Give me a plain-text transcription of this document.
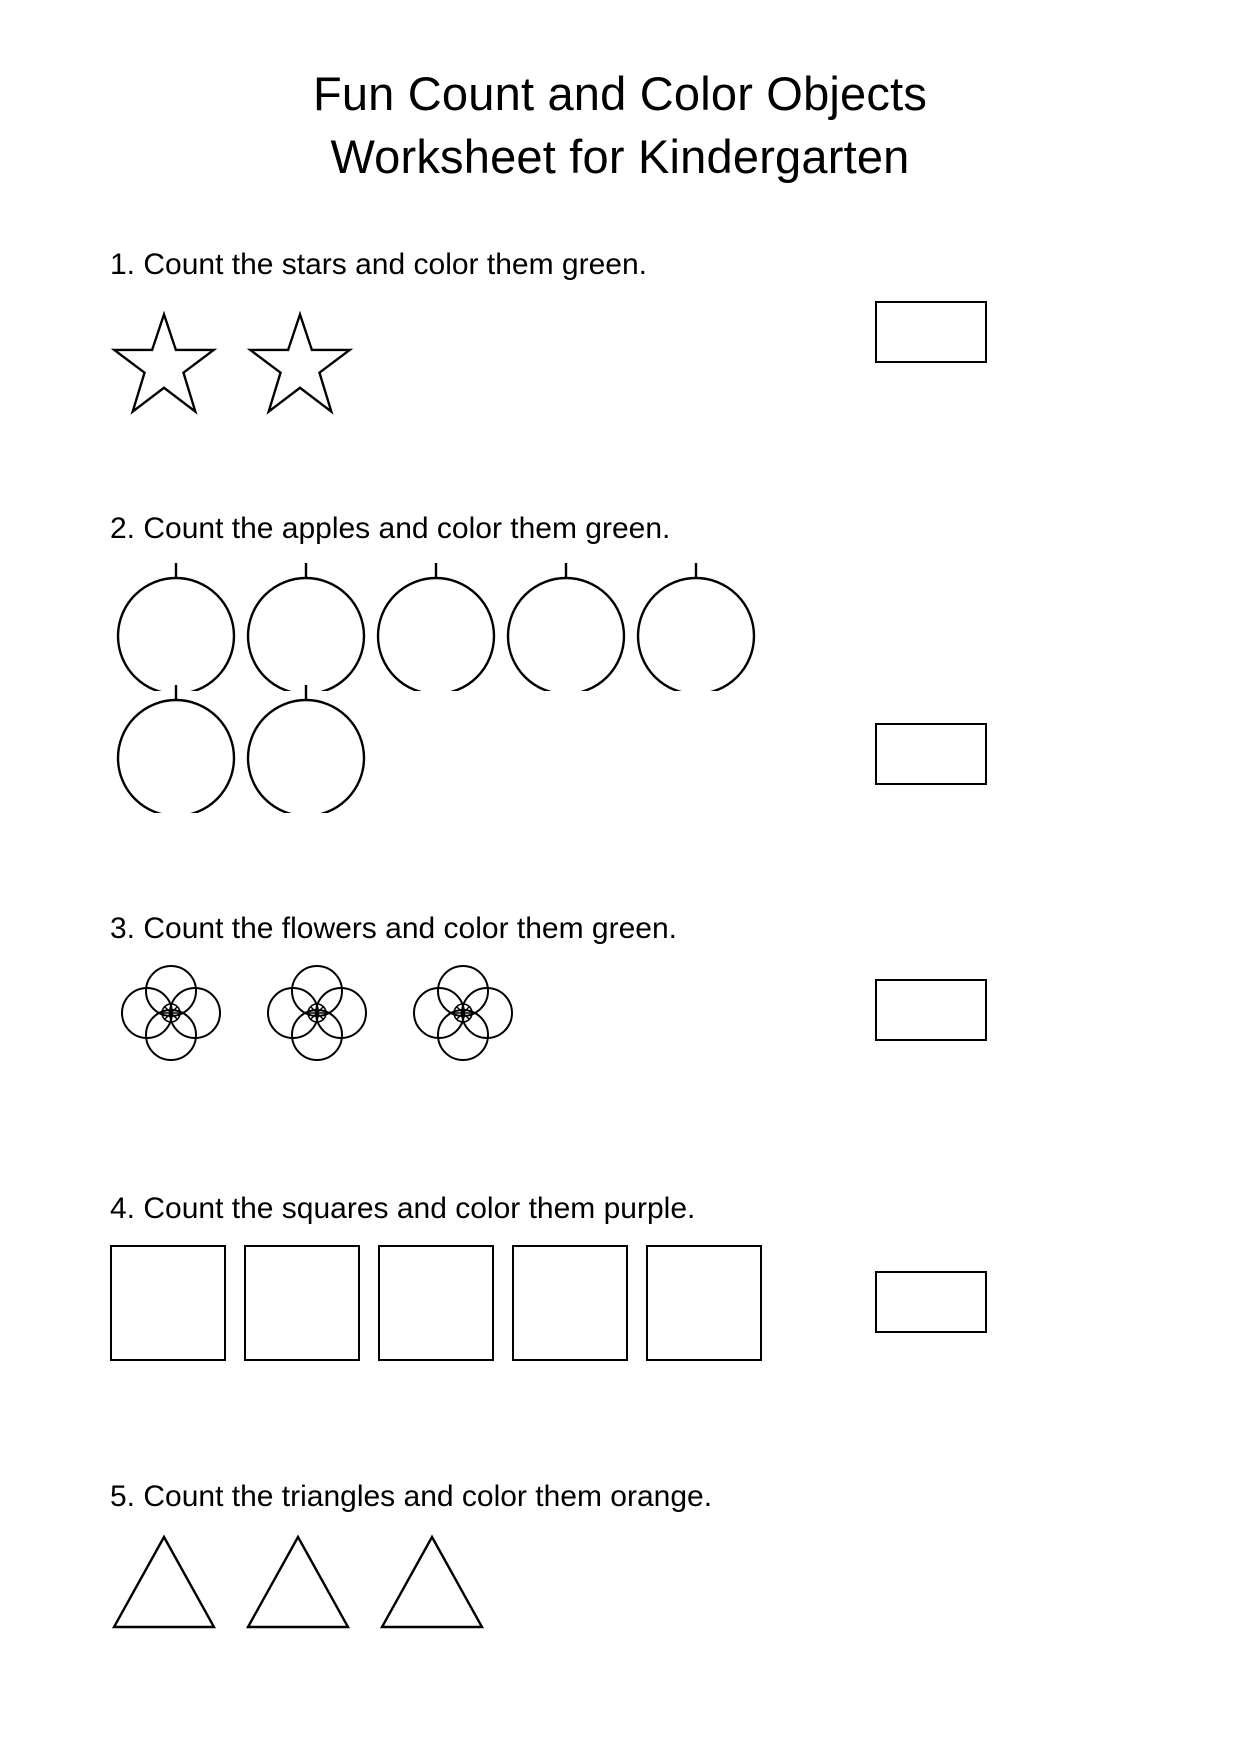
Fun Count and Color Objects
Worksheet for Kindergarten

1. Count the stars and color them green.

2. Count the apples and color them green.

3. Count the flowers and color them green.

4. Count the squares and color them purple.

5. Count the triangles and color them orange.
